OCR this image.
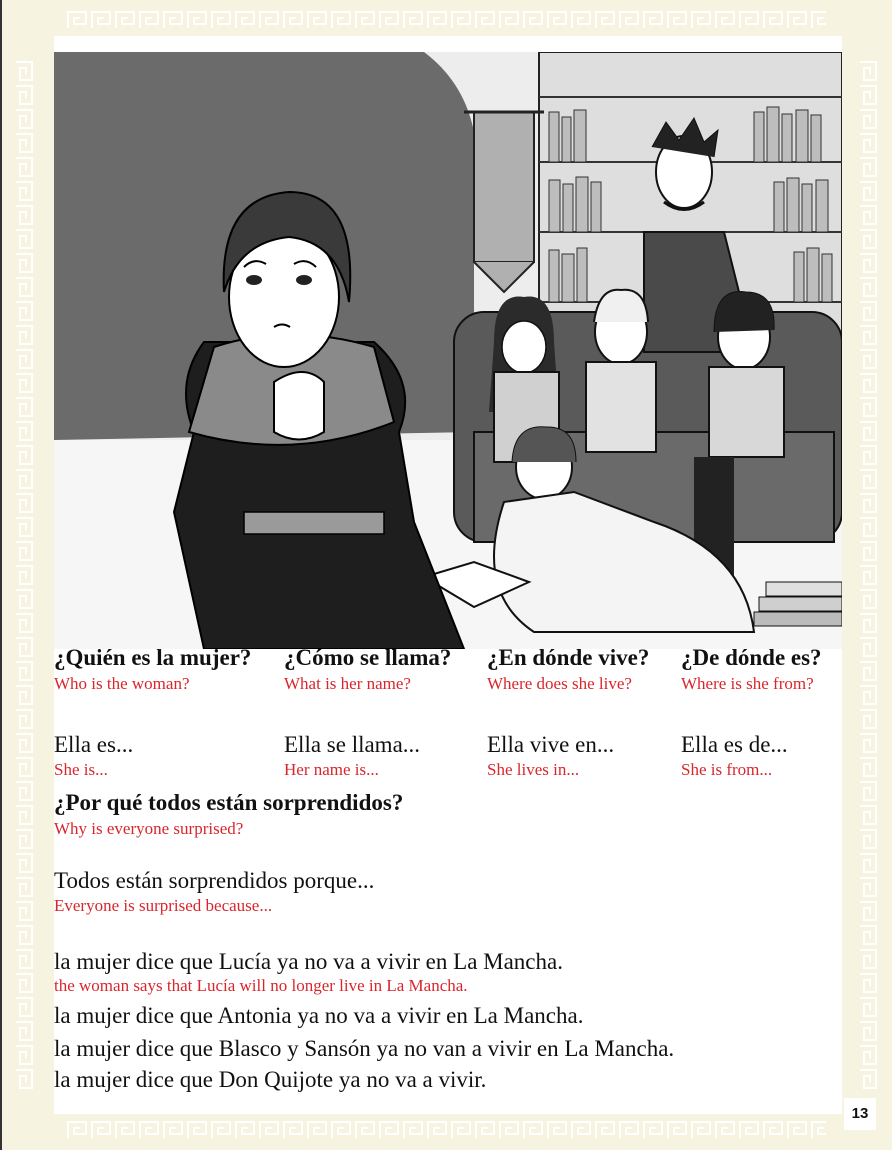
¿Quién es la mujer?
Who is the woman?
Ella es...
She is...
¿Cómo se llama?
What is her name?
Ella se llama...
Her name is...
¿En dónde vive?
Where does she live?
Ella vive en...
She lives in...
¿De dónde es?
Where is she from?
Ella es de...
She is from...
¿Por qué todos están sorprendidos?
Why is everyone surprised?
Todos están sorprendidos porque...
Everyone is surprised because...
la mujer dice que Lucía ya no va a vivir en La Mancha.
the woman says that Lucía will no longer live in La Mancha.
la mujer dice que Antonia ya no va a vivir en La Mancha.
la mujer dice que Blasco y Sansón ya no van a vivir en La Mancha.
la mujer dice que Don Quijote ya no va a vivir.
13
